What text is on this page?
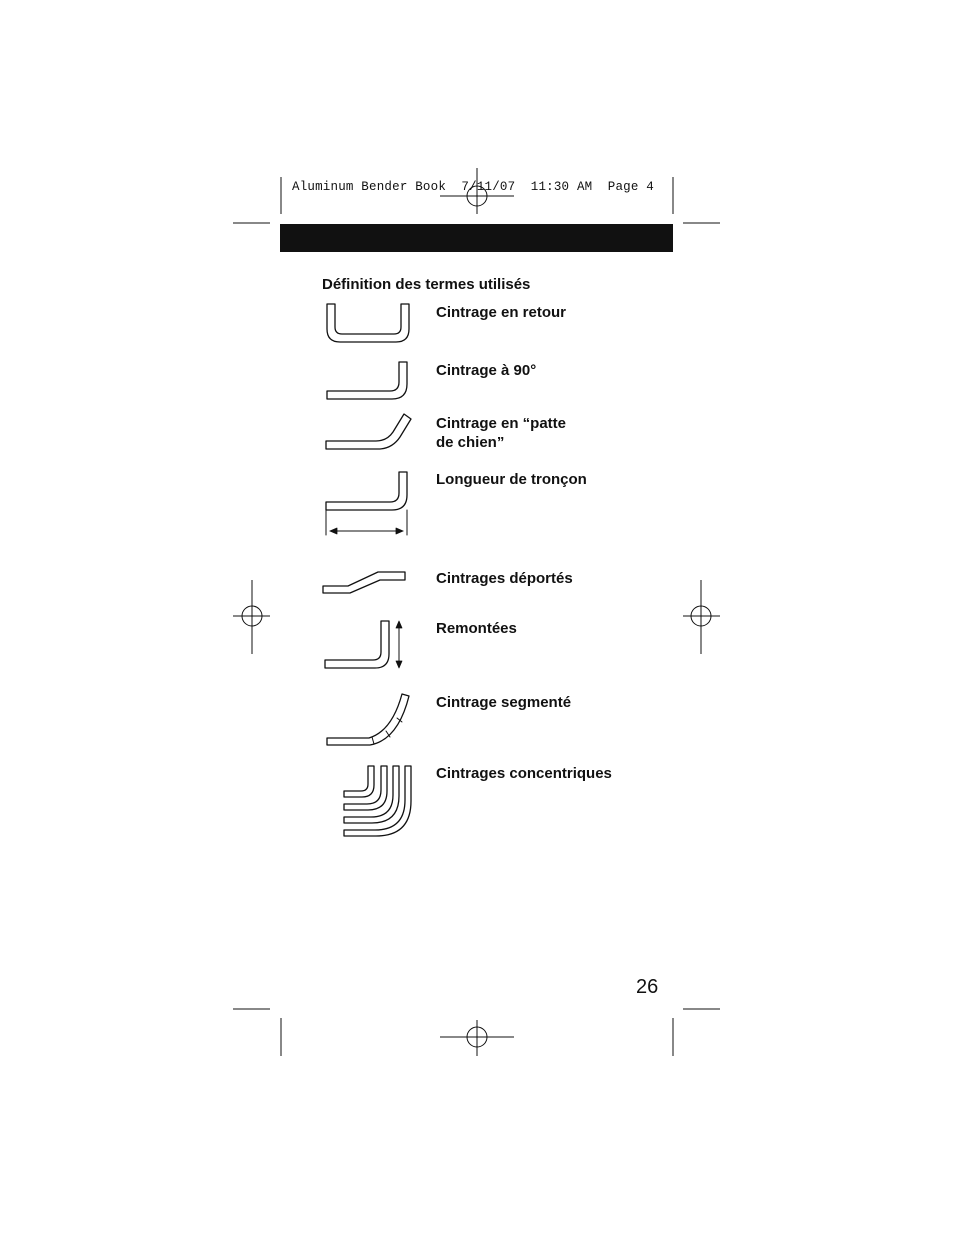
Aluminum Bender Book  7/11/07  11:30 AM  Page 4
Définition des termes utilisés
Cintrage en retour
Cintrage à 90°
Cintrage en “patte
de chien”
Longueur de tronçon
Cintrages déportés
Remontées
Cintrage segmenté
Cintrages concentriques
26
